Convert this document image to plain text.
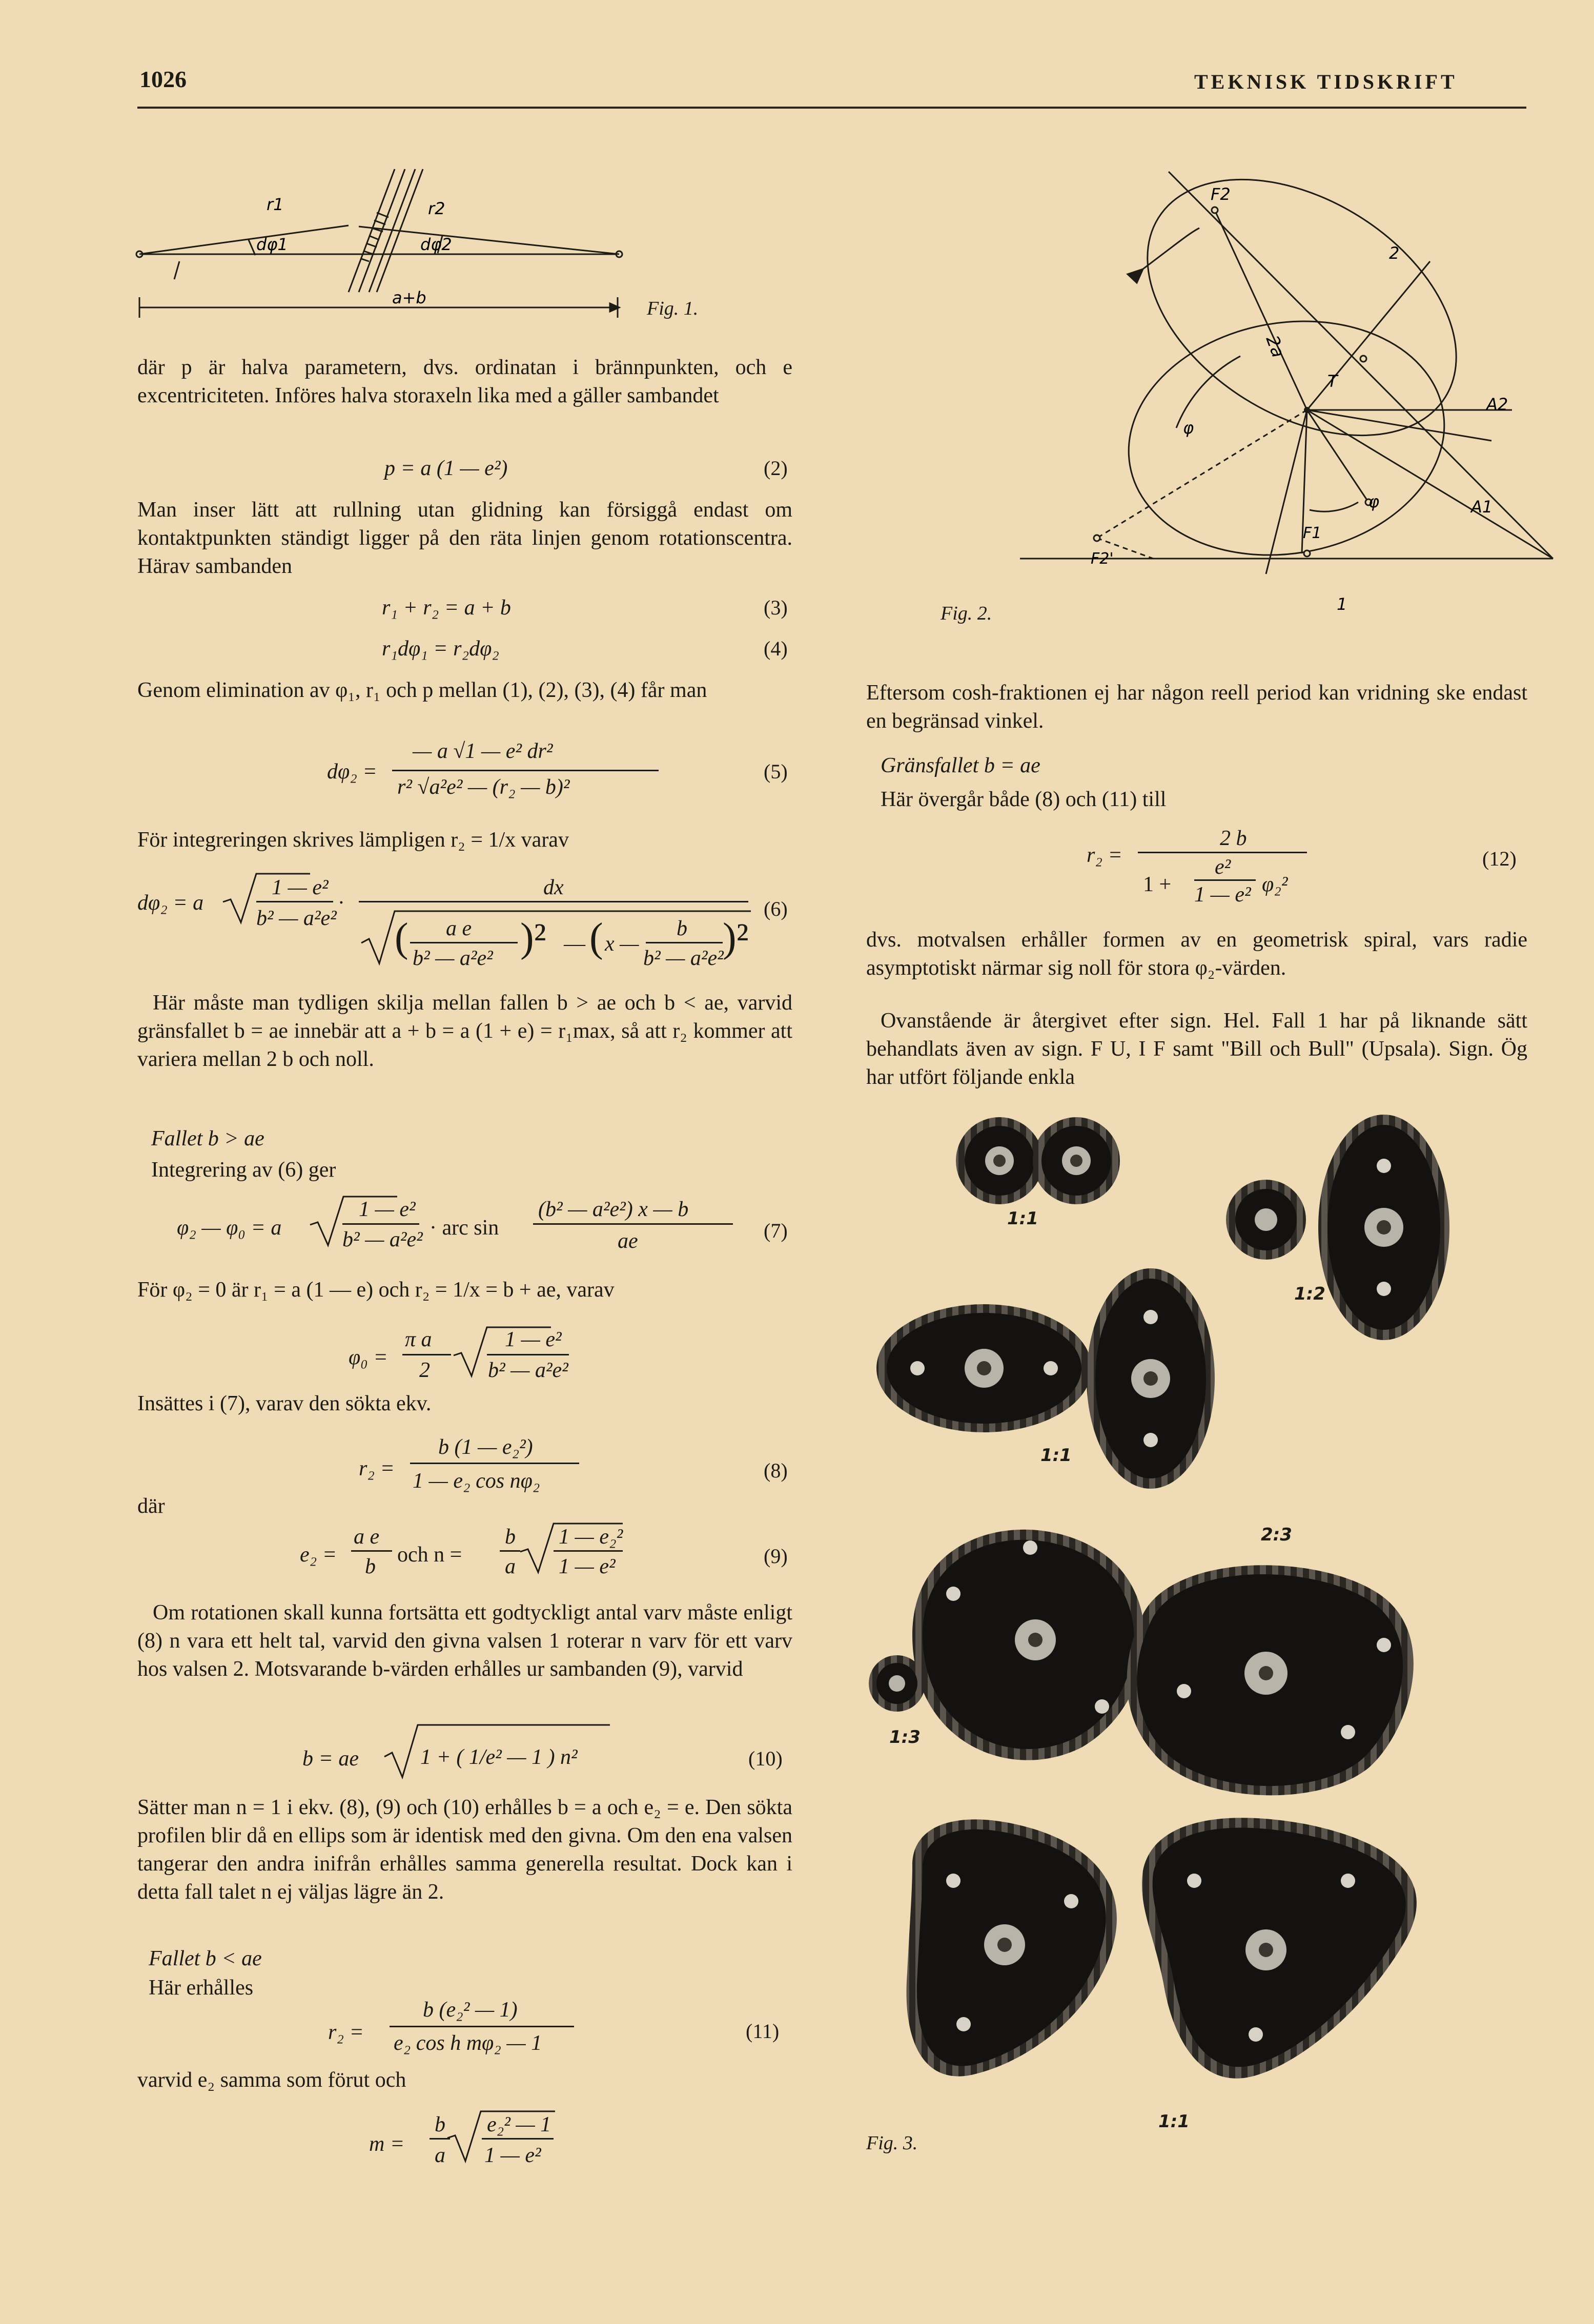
1026	TEKNISK TIDSKRIFT
r1	r2
dφ1	dφ2
a+b	Fig. 1.
där p är halva parametern, dvs. ordinatan i brännpunkten, och e excentriciteten. Införes halva storaxeln lika med a gäller sambandet
p = a (1 — e²)	(2)
Man inser lätt att rullning utan glidning kan försiggå endast om kontaktpunkten ständigt ligger på den räta linjen genom rotationscentra. Härav sambanden
r₁ + r₂ = a + b	(3)
r₁dφ₁ = r₂dφ₂	(4)
Genom elimination av φ₁, r₁ och p mellan (1), (2), (3), (4) får man
dφ₂ =
— a √1 — e² dr²
r² √a²e² — (r₂ — b)²
(5)
För integreringen skrives lämpligen r₂ = 1/x varav
dφ₂ = a
1 — e²
b² — a²e²
·
dx
( a e
b² — a²e² )² — ( x —
b
b² — a²e²
)²
(6)
Här måste man tydligen skilja mellan fallen b > ae och b < ae, varvid gränsfallet b = ae innebär att a + b = a (1 + e) = r₁max, så att r₂ kommer att variera mellan 2 b och noll.
Fallet b > ae
Integrering av (6) ger
φ₂ — φ₀ = a
1 — e²
b² — a²e² · arc sin
(b² — a²e²) x — b
ae	(7)
För φ₂ = 0 är r₁ = a (1 — e) och r₂ = 1/x = b + ae, varav
φ₀ =
π a
2
1 — e²
b² — a²e²
Insättes i (7), varav den sökta ekv.
r₂ =
b (1 — e₂²)
1 — e₂ cos nφ₂	(8)
där
e₂ =
a e
b och n =
b
a
1 — e₂²
1 — e²	(9)
Om rotationen skall kunna fortsätta ett godtyckligt antal varv måste enligt (8) n vara ett helt tal, varvid den givna valsen 1 roterar n varv för ett varv hos valsen 2. Motsvarande b-värden erhålles ur sambanden (9), varvid
b = ae	1 + ( 1/e² — 1 ) n²	(10)
Sätter man n = 1 i ekv. (8), (9) och (10) erhålles b = a och e₂ = e. Den sökta profilen blir då en ellips som är identisk med den givna. Om den ena valsen tangerar den andra inifrån erhålles samma generella resultat. Dock kan i detta fall talet n ej väljas lägre än 2.
Fallet b < ae
Här erhålles
r₂ =
b (e₂² — 1)
e₂ cos h mφ₂ — 1
(11)
varvid e₂ samma som förut och
m =
b
a
e₂² — 1
1 — e²
F2
T
A2
A1
F1
F2'
2a
φ
φ
1
2
Fig. 2.
Eftersom cosh-fraktionen ej har någon reell period kan vridning ske endast en begränsad vinkel.
Gränsfallet b = ae
Här övergår både (8) och (11) till
r₂ =
2 b
1 +
e²
1 — e² φ₂²
(12)
dvs. motvalsen erhåller formen av en geometrisk spiral, vars radie asymptotiskt närmar sig noll för stora φ₂-värden.
Ovanstående är återgivet efter sign. Hel. Fall 1 har på liknande sätt behandlats även av sign. F U, I F samt "Bill och Bull" (Upsala). Sign. Ög har utfört följande enkla
1:1
1:2
1:1
2:3
1:3
1:1
Fig. 3.
